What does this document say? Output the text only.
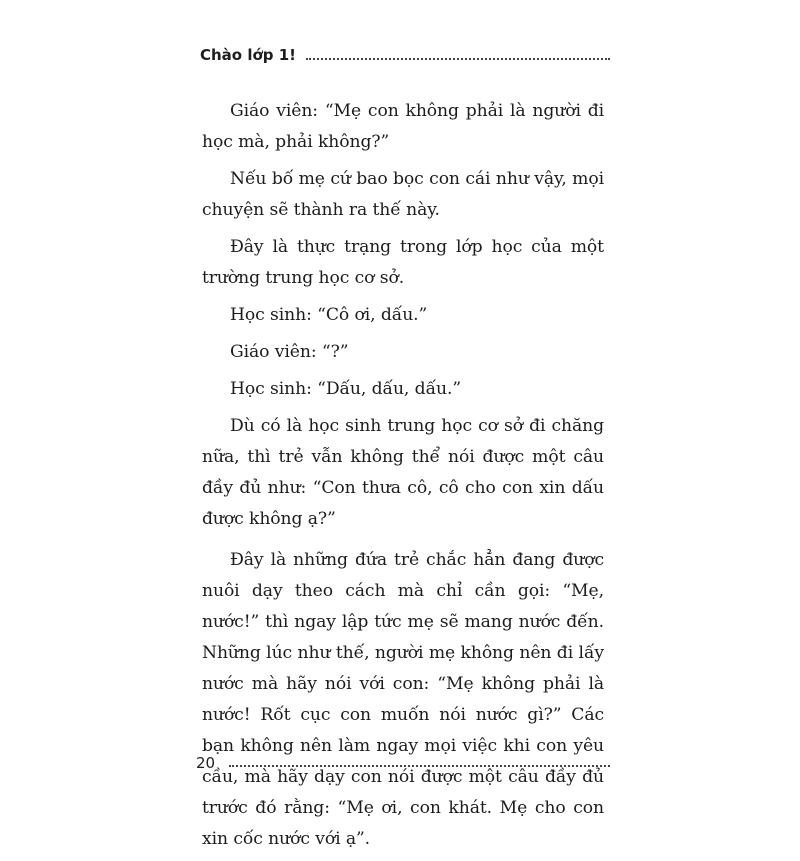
Chào lớp 1!

Giáo viên: “Mẹ con không phải là người đi học mà, phải không?”

Nếu bố mẹ cứ bao bọc con cái như vậy, mọi chuyện sẽ thành ra thế này.

Đây là thực trạng trong lớp học của một trường trung học cơ sở.

Học sinh: “Cô ơi, dấu.”

Giáo viên: “?”

Học sinh: “Dấu, dấu, dấu.”

Dù có là học sinh trung học cơ sở đi chăng nữa, thì trẻ vẫn không thể nói được một câu đầy đủ như: “Con thưa cô, cô cho con xin dấu được không ạ?”

Đây là những đứa trẻ chắc hẳn đang được nuôi dạy theo cách mà chỉ cần gọi: “Mẹ, nước!” thì ngay lập tức mẹ sẽ mang nước đến. Những lúc như thế, người mẹ không nên đi lấy nước mà hãy nói với con: “Mẹ không phải là nước! Rốt cục con muốn nói nước gì?” Các bạn không nên làm ngay mọi việc khi con yêu cầu, mà hãy dạy con nói được một câu đầy đủ trước đó rằng: “Mẹ ơi, con khát. Mẹ cho con xin cốc nước với ạ”.

20
